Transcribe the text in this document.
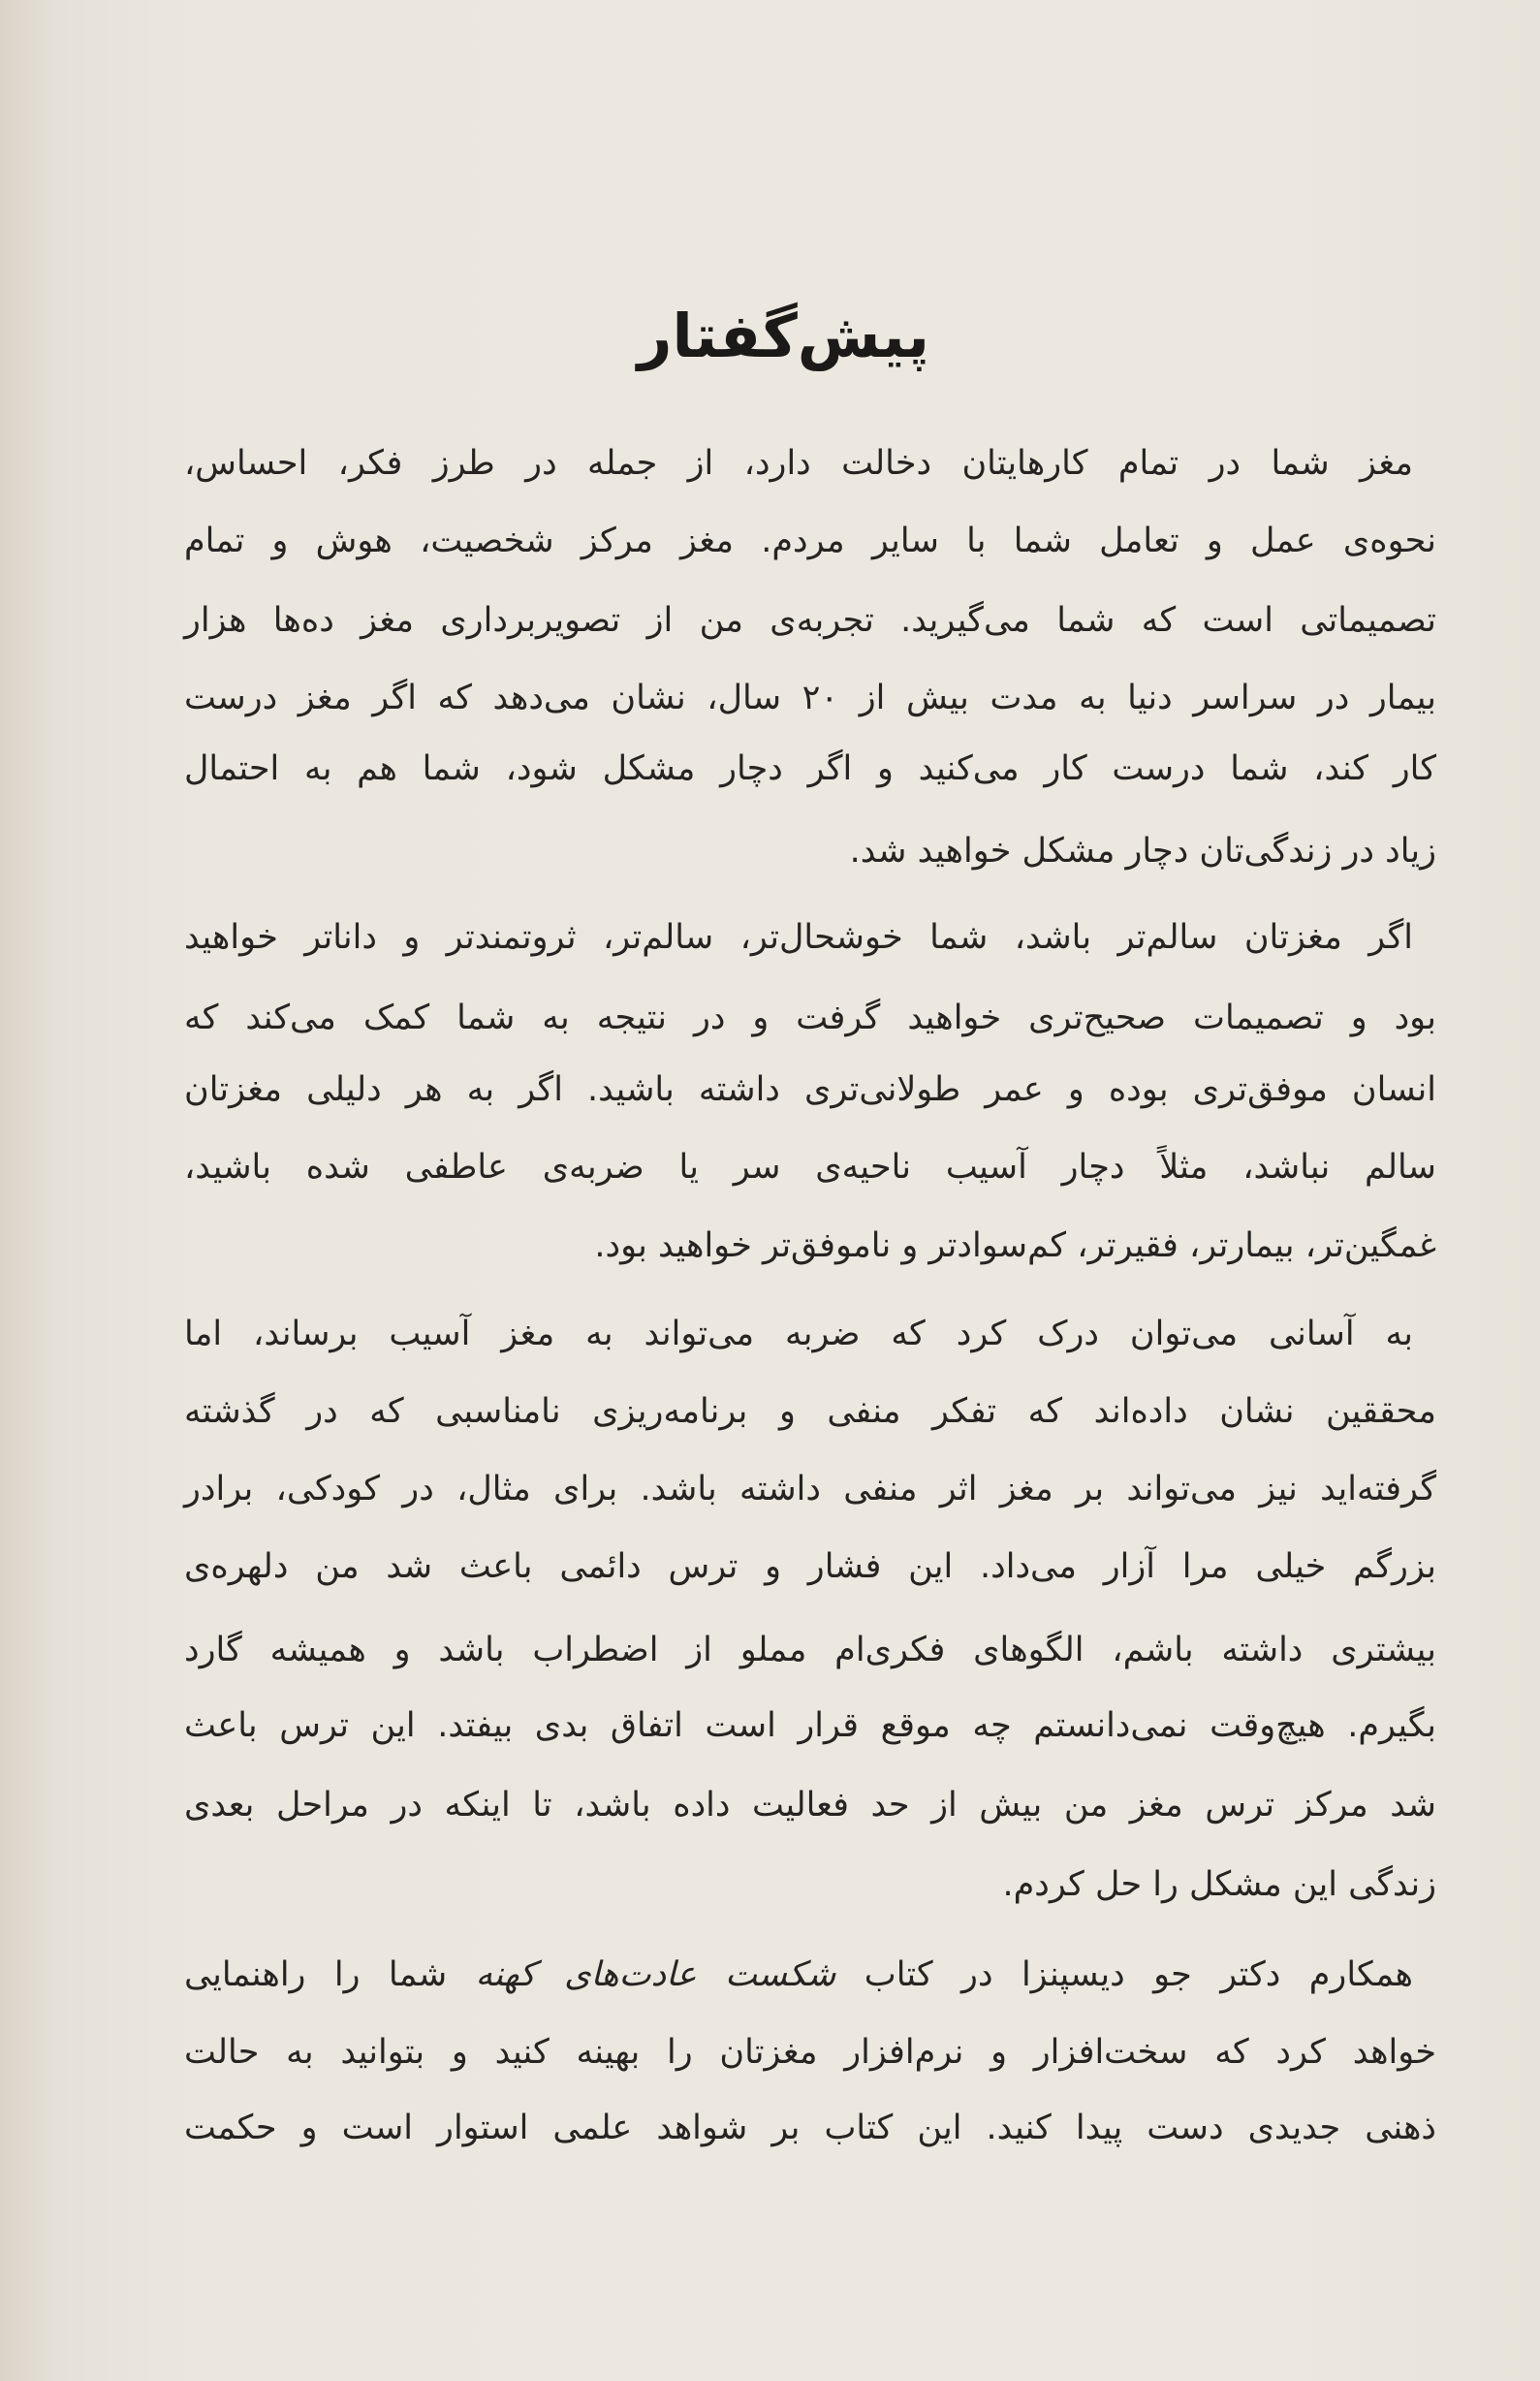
پیش‌گفتار
مغز شما در تمام کارهایتان دخالت دارد، از جمله در طرز فکر، احساس،
نحوه‌ی عمل و تعامل شما با سایر مردم. مغز مرکز شخصیت، هوش و تمام
تصمیماتی است که شما می‌گیرید. تجربه‌ی من از تصویربرداری مغز ده‌ها هزار
بیمار در سراسر دنیا به مدت بیش از ۲۰ سال، نشان می‌دهد که اگر مغز درست
کار کند، شما درست کار می‌کنید و اگر دچار مشکل شود، شما هم به احتمال
زیاد در زندگی‌تان دچار مشکل خواهید شد.
اگر مغزتان سالم‌تر باشد، شما خوشحال‌تر، سالم‌تر، ثروتمندتر و داناتر خواهید
بود و تصمیمات صحیح‌تری خواهید گرفت و در نتیجه به شما کمک می‌کند که
انسان موفق‌تری بوده و عمر طولانی‌تری داشته باشید. اگر به هر دلیلی مغزتان
سالم نباشد، مثلاً دچار آسیب ناحیه‌ی سر یا ضربه‌ی عاطفی شده باشید،
غمگین‌تر، بیمارتر، فقیرتر، کم‌سوادتر و ناموفق‌تر خواهید بود.
به آسانی می‌توان درک کرد که ضربه می‌تواند به مغز آسیب برساند، اما
محققین نشان داده‌اند که تفکر منفی و برنامه‌ریزی نامناسبی که در گذشته
گرفته‌اید نیز می‌تواند بر مغز اثر منفی داشته باشد. برای مثال، در کودکی، برادر
بزرگم خیلی مرا آزار می‌داد. این فشار و ترس دائمی باعث شد من دلهره‌ی
بیشتری داشته باشم، الگوهای فکری‌ام مملو از اضطراب باشد و همیشه گارد
بگیرم. هیچ‌وقت نمی‌دانستم چه موقع قرار است اتفاق بدی بیفتد. این ترس باعث
شد مرکز ترس مغز من بیش از حد فعالیت داده باشد، تا اینکه در مراحل بعدی
زندگی این مشکل را حل کردم.
همکارم دکتر جو دیسپنزا در کتاب شکست عادت‌های کهنه شما را راهنمایی
خواهد کرد که سخت‌افزار و نرم‌افزار مغزتان را بهینه کنید و بتوانید به حالت
ذهنی جدیدی دست پیدا کنید. این کتاب بر شواهد علمی استوار است و حکمت
